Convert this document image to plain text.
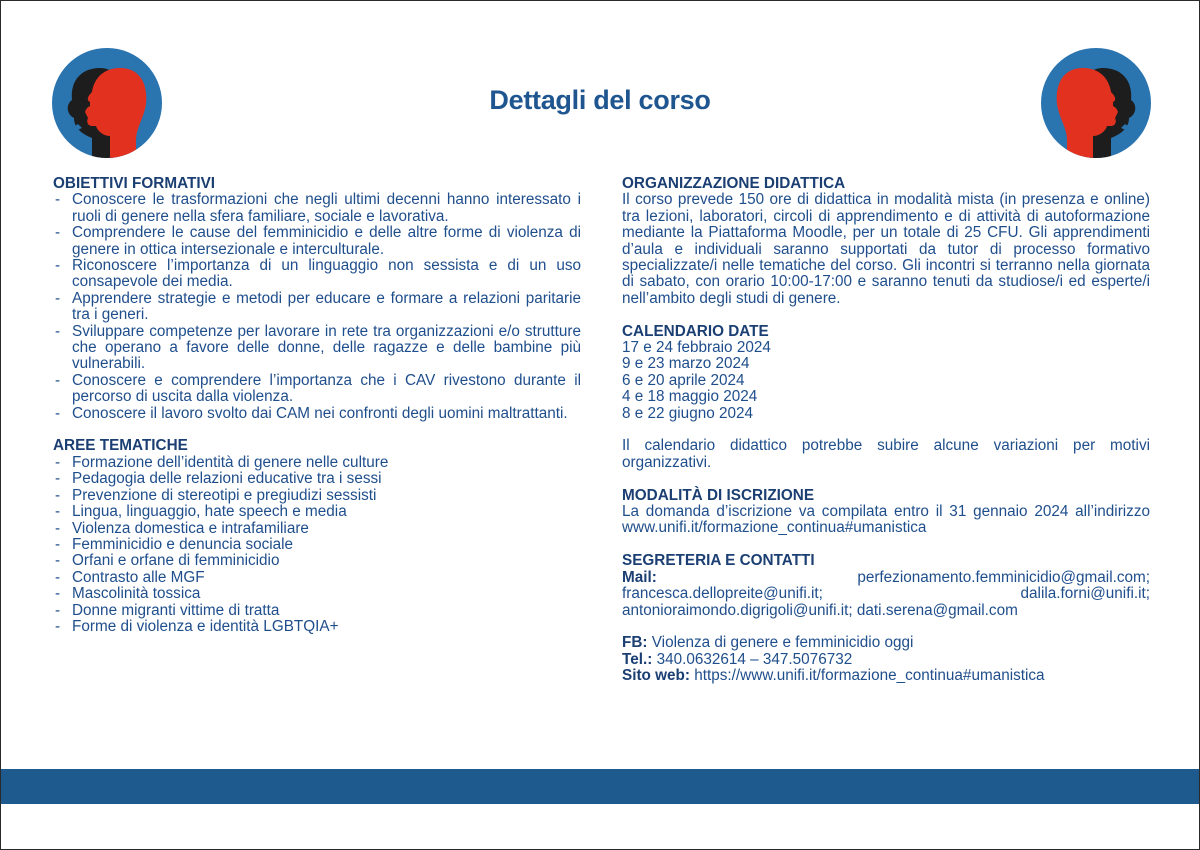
Dettagli del corso
OBIETTIVI FORMATIVI
- Conoscere le trasformazioni che negli ultimi decenni hanno interessato i ruoli di genere nella sfera familiare, sociale e lavorativa.
- Comprendere le cause del femminicidio e delle altre forme di violenza di genere in ottica intersezionale e interculturale.
- Riconoscere l’importanza di un linguaggio non sessista e di un uso consapevole dei media.
- Apprendere strategie e metodi per educare e formare a relazioni paritarie tra i generi.
- Sviluppare competenze per lavorare in rete tra organizzazioni e/o strutture che operano a favore delle donne, delle ragazze e delle bambine più vulnerabili.
- Conoscere e comprendere l’importanza che i CAV rivestono durante il percorso di uscita dalla violenza.
- Conoscere il lavoro svolto dai CAM nei confronti degli uomini maltrattanti.
AREE TEMATICHE
- Formazione dell’identità di genere nelle culture
- Pedagogia delle relazioni educative tra i sessi
- Prevenzione di stereotipi e pregiudizi sessisti
- Lingua, linguaggio, hate speech e media
- Violenza domestica e intrafamiliare
- Femminicidio e denuncia sociale
- Orfani e orfane di femminicidio
- Contrasto alle MGF
- Mascolinità tossica
- Donne migranti vittime di tratta
- Forme di violenza e identità LGBTQIA+
ORGANIZZAZIONE DIDATTICA

Il corso prevede 150 ore di didattica in modalità mista (in presenza e online) tra lezioni, laboratori, circoli di apprendimento e di attività di autoformazione mediante la Piattaforma Moodle, per un totale di 25 CFU. Gli apprendimenti d’aula e individuali saranno supportati da tutor di processo formativo specializzate/i nelle tematiche del corso. Gli incontri si terranno nella giornata di sabato, con orario 10:00-17:00 e saranno tenuti da studiose/i ed esperte/i nell’ambito degli studi di genere.

CALENDARIO DATE
17 e 24 febbraio 2024
9 e 23 marzo 2024
6 e 20 aprile 2024
4 e 18 maggio 2024
8 e 22 giugno 2024

Il calendario didattico potrebbe subire alcune variazioni per motivi organizzativi.

MODALITÀ DI ISCRIZIONE

La domanda d’iscrizione va compilata entro il 31 gennaio 2024 all’indirizzo www.unifi.it/formazione_continua#umanistica

SEGRETERIA E CONTATTI

Mail:	perfezionamento.femminicidio@gmail.com; francesca.dellopreite@unifi.it; dalila.forni@unifi.it; antonioraimondo.digrigoli@unifi.it; dati.serena@gmail.com

FB: Violenza di genere e femminicidio oggi
Tel.: 340.0632614 – 347.5076732
Sito web: https://www.unifi.it/formazione_continua#umanistica
